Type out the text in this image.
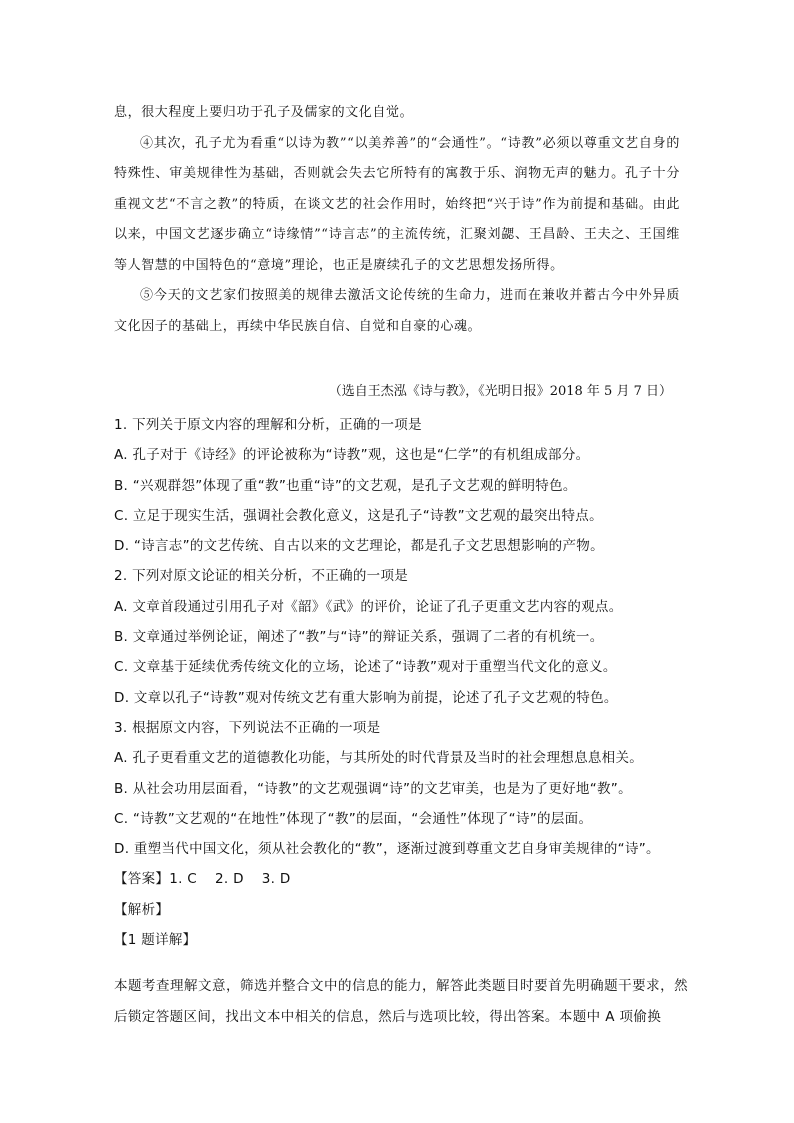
息，很大程度上要归功于孔子及儒家的文化自觉。

④其次，孔子尤为看重“以诗为教”“以美养善”的“会通性”。“诗教”必须以尊重文艺自身的特殊性、审美规律性为基础，否则就会失去它所特有的寓教于乐、润物无声的魅力。孔子十分重视文艺“不言之教”的特质，在谈文艺的社会作用时，始终把“兴于诗”作为前提和基础。由此以来，中国文艺逐步确立“诗缘情”“诗言志”的主流传统，汇聚刘勰、王昌龄、王夫之、王国维等人智慧的中国特色的“意境”理论，也正是赓续孔子的文艺思想发扬所得。

⑤今天的文艺家们按照美的规律去激活文论传统的生命力，进而在兼收并蓄古今中外异质文化因子的基础上，再续中华民族自信、自觉和自豪的心魂。

（选自王杰泓《诗与教》，《光明日报》2018 年 5 月 7 日）
1. 下列关于原文内容的理解和分析，正确的一项是
A. 孔子对于《诗经》的评论被称为“诗教”观，这也是“仁学”的有机组成部分。
B. “兴观群怨”体现了重“教”也重“诗”的文艺观，是孔子文艺观的鲜明特色。
C. 立足于现实生活，强调社会教化意义，这是孔子“诗教”文艺观的最突出特点。
D. “诗言志”的文艺传统、自古以来的文艺理论，都是孔子文艺思想影响的产物。
2. 下列对原文论证的相关分析，不正确的一项是
A. 文章首段通过引用孔子对《韶》《武》的评价，论证了孔子更重文艺内容的观点。
B. 文章通过举例论证，阐述了“教”与“诗”的辩证关系，强调了二者的有机统一。
C. 文章基于延续优秀传统文化的立场，论述了“诗教”观对于重塑当代文化的意义。
D. 文章以孔子“诗教”观对传统文艺有重大影响为前提，论述了孔子文艺观的特色。
3. 根据原文内容，下列说法不正确的一项是
A. 孔子更看重文艺的道德教化功能，与其所处的时代背景及当时的社会理想息息相关。
B. 从社会功用层面看，“诗教”的文艺观强调“诗”的文艺审美，也是为了更好地“教”。
C. “诗教”文艺观的“在地性”体现了“教”的层面，“会通性”体现了“诗”的层面。
D. 重塑当代中国文化，须从社会教化的“教”，逐渐过渡到尊重文艺自身审美规律的“诗”。
【答案】1. C 2. D 3. D
【解析】
【1 题详解】

本题考查理解文意，筛选并整合文中的信息的能力，解答此类题目时要首先明确题干要求，然后锁定答题区间，找出文本中相关的信息，然后与选项比较，得出答案。本题中 A 项偷换
